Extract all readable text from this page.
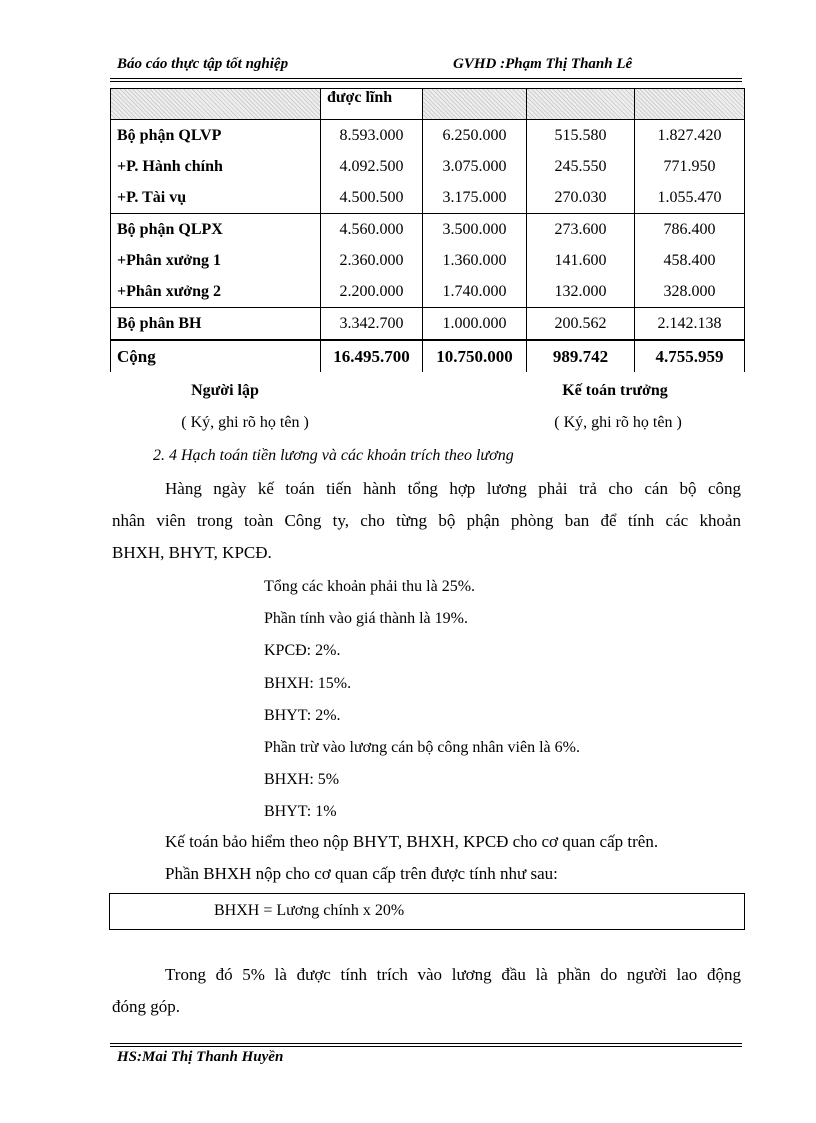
Báo cáo thực tập tốt nghiệp	GVHD :Phạm Thị Thanh Lê
	được lĩnh			
Bộ phận QLVP	8.593.000	6.250.000	515.580	1.827.420
+P. Hành chính	4.092.500	3.075.000	245.550	771.950
+P. Tài vụ	4.500.500	3.175.000	270.030	1.055.470
Bộ phận QLPX	4.560.000	3.500.000	273.600	786.400
+Phân xưởng 1	2.360.000	1.360.000	141.600	458.400
+Phân xưởng 2	2.200.000	1.740.000	132.000	328.000
Bộ phân BH	3.342.700	1.000.000	200.562	2.142.138
Cộng	16.495.700	10.750.000	989.742	4.755.959
Người lập
( Ký, ghi rõ họ tên )
Kế toán trưởng
( Ký, ghi rõ họ tên )
2. 4 Hạch toán tiền lương và các khoản trích theo lương
Hàng ngày kế toán tiến hành tổng hợp lương phải trả cho cán bộ công
nhân viên trong toàn Công ty, cho từng bộ phận phòng ban để tính các khoản
BHXH, BHYT, KPCĐ.
Tổng các khoản phải thu là 25%.
Phần tính vào giá thành là 19%.
KPCĐ: 2%.
BHXH: 15%.
BHYT: 2%.
Phần trừ vào lương cán bộ công nhân viên là 6%.
BHXH: 5%
BHYT: 1%
Kế toán bảo hiểm theo nộp BHYT, BHXH, KPCĐ cho cơ quan cấp trên.
Phần BHXH nộp cho cơ quan cấp trên được tính như sau:
BHXH = Lương chính x 20%
Trong đó 5% là được tính trích vào lương đầu là phần do người lao động
đóng góp.
HS:Mai Thị Thanh Huyền
